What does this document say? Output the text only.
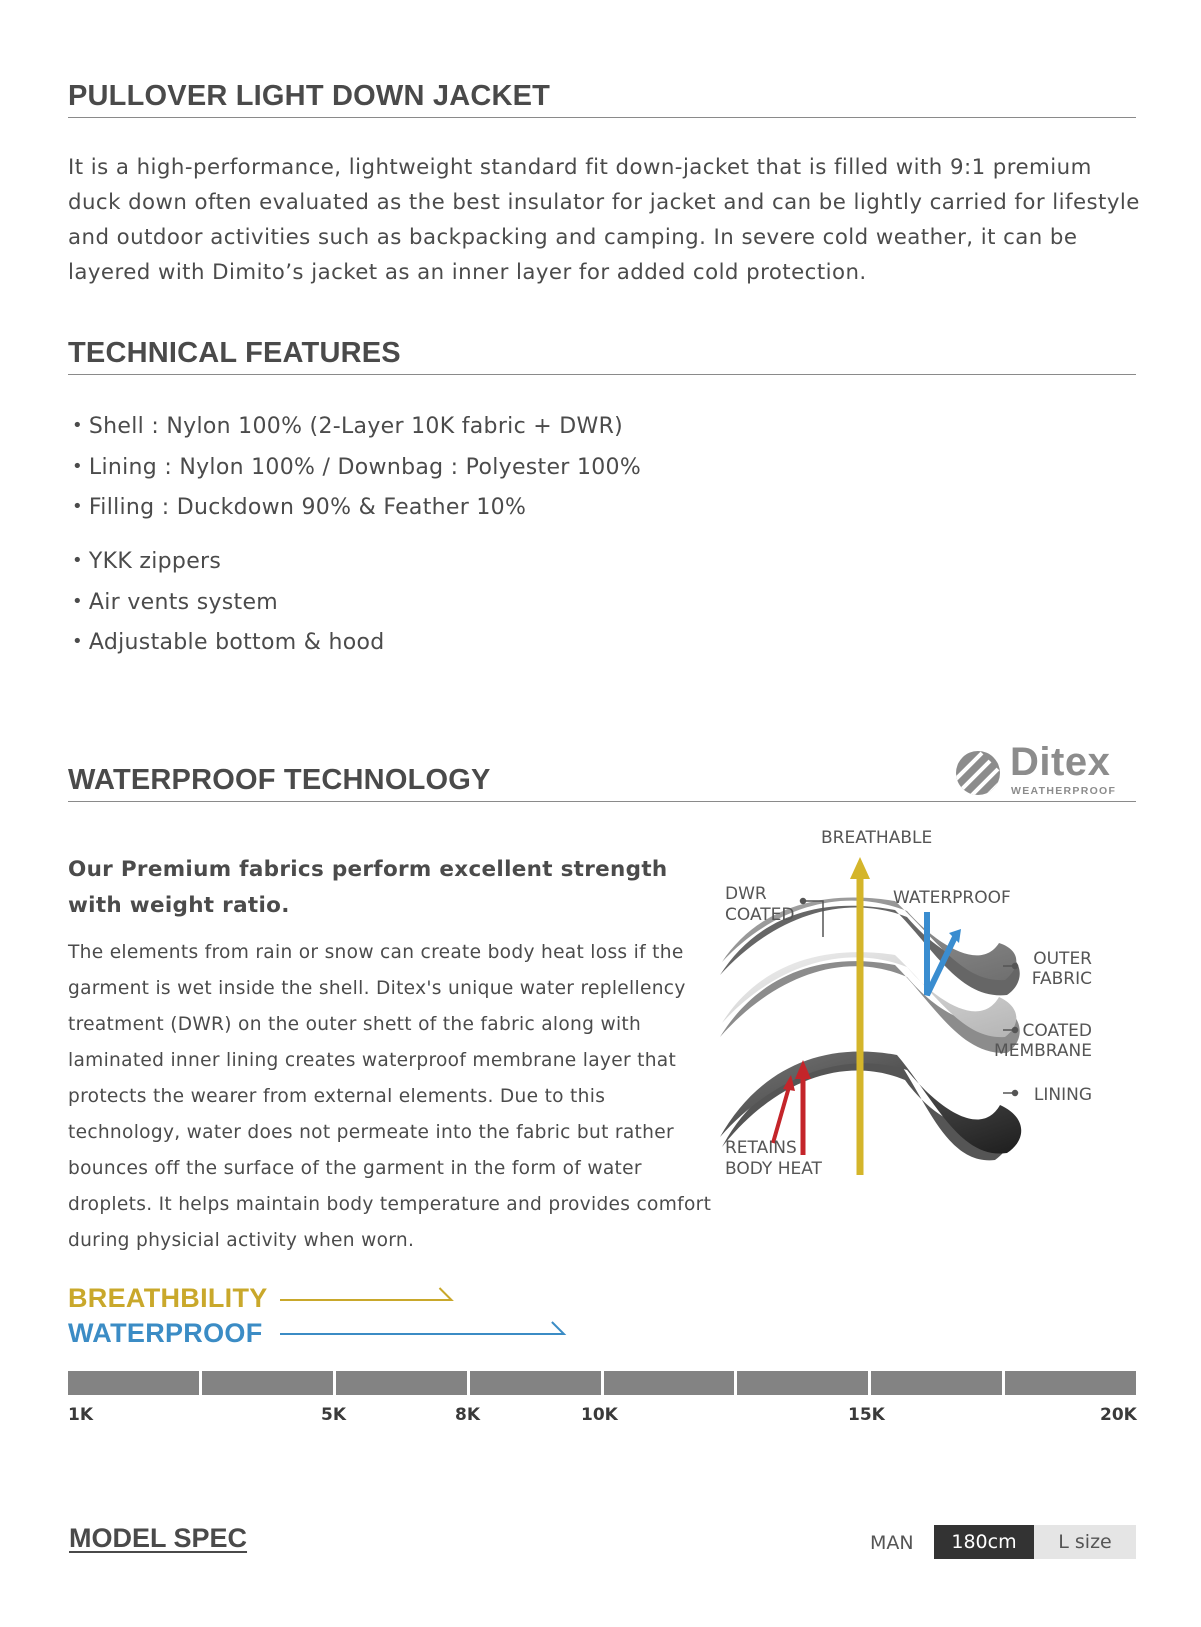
PULLOVER LIGHT DOWN JACKET

It is a high-performance, lightweight standard fit down-jacket that is filled with 9:1 premium duck down often evaluated as the best insulator for jacket and can be lightly carried for lifestyle and outdoor activities such as backpacking and camping. In severe cold weather, it can be layered with Dimito’s jacket as an inner layer for added cold protection.

TECHNICAL FEATURES
• Shell : Nylon 100% (2-Layer 10K fabric + DWR)
• Lining : Nylon 100% / Downbag : Polyester 100%
• Filling : Duckdown 90% & Feather 10%
• YKK zippers
• Air vents system
• Adjustable bottom & hood
WATERPROOF TECHNOLOGY	Ditex
WEATHERPROOF
Our Premium fabrics perform excellent strength
with weight ratio.

The elements from rain or snow can create body heat loss if the garment is wet inside the shell. Ditex's unique water replellency treatment (DWR) on the outer shett of the fabric along with laminated inner lining creates waterproof membrane layer that protects the wearer from external elements. Due to this technology, water does not permeate into the fabric but rather bounces off the surface of the garment in the form of water droplets. It helps maintain body temperature and provides comfort during physicial activity when worn.

BREATHABLE
WATERPROOF
DWR
COATED
OUTER
FABRIC
COATED
MEMBRANE
LINING
RETAINS
BODY HEAT
BREATHBILITY
WATERPROOF
1K	5K	8K	10K	15K	20K
MODEL SPEC	MAN	180cm	L size
